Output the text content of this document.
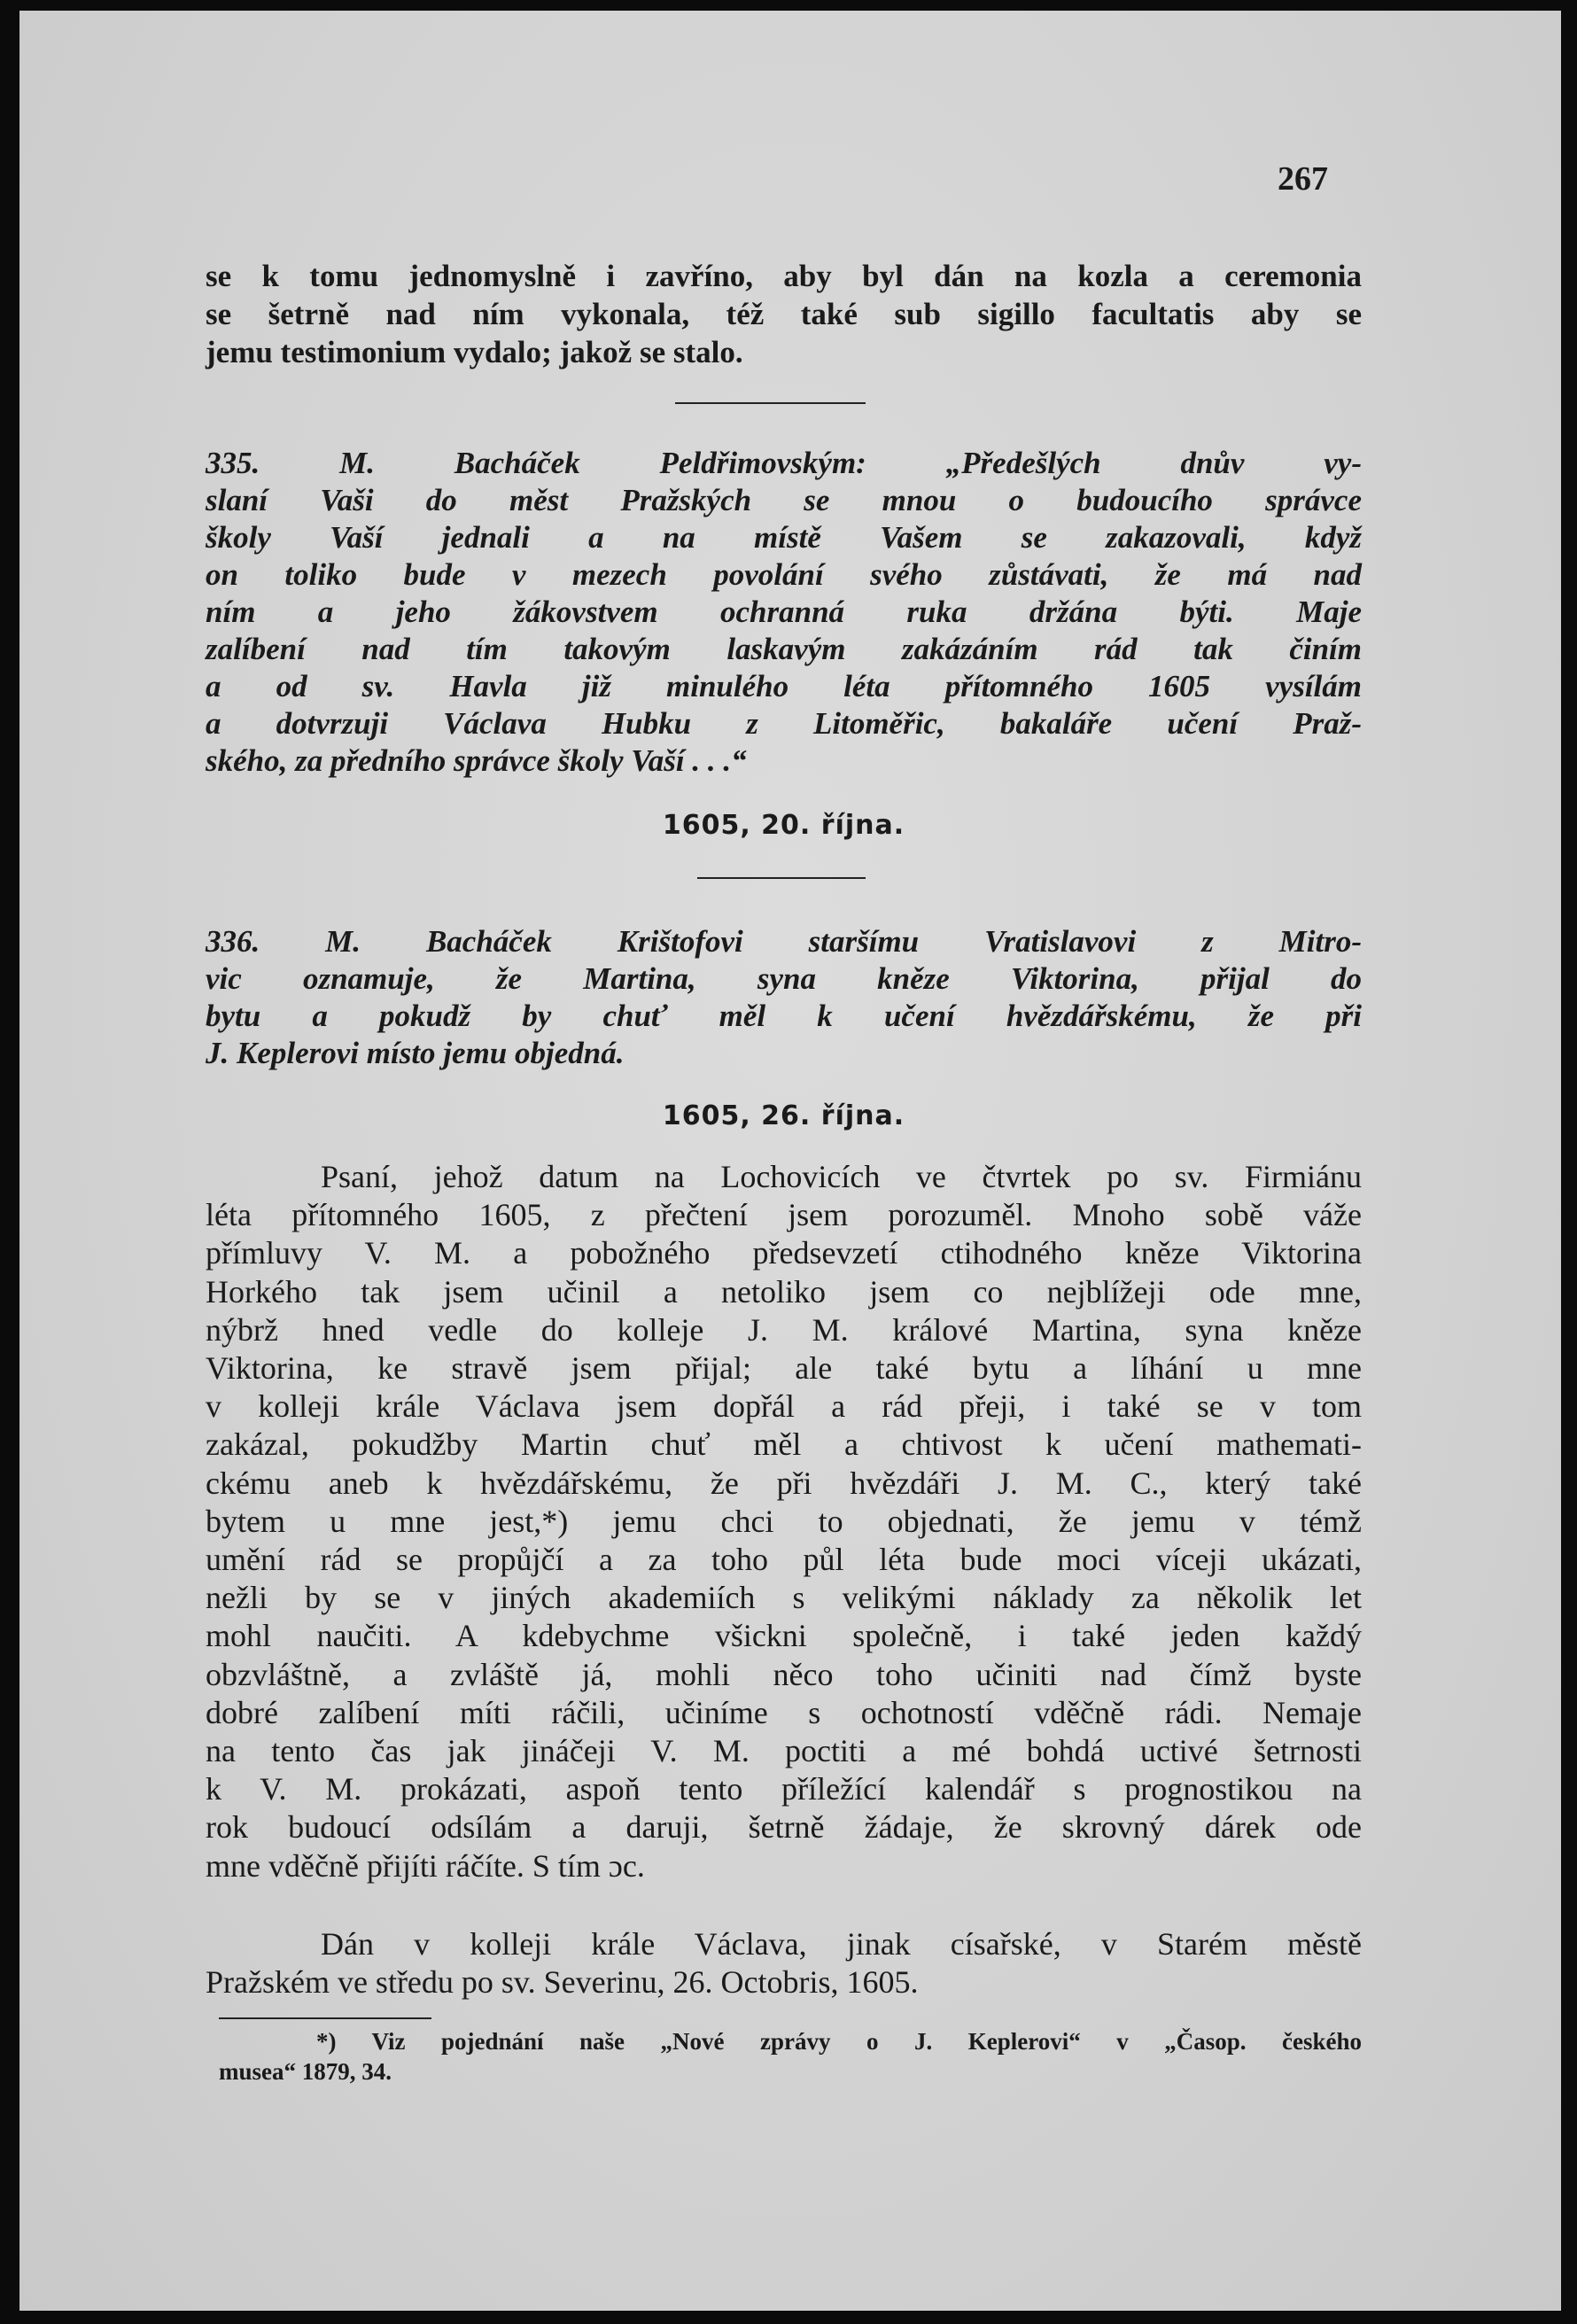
267
se k tomu jednomyslně i zavříno, aby byl dán na kozla a ceremonia
se šetrně nad ním vykonala, též také sub sigillo facultatis aby se
jemu testimonium vydalo; jakož se stalo.
335. M. Bacháček Peldřimovským: „Předešlých dnův vy-
slaní Vaši do měst Pražských se mnou o budoucího správce
školy Vaší jednali a na místě Vašem se zakazovali, když
on toliko bude v mezech povolání svého zůstávati, že má nad
ním a jeho žákovstvem ochranná ruka držána býti. Maje
zalíbení nad tím takovým laskavým zakázáním rád tak činím
a od sv. Havla již minulého léta přítomného 1605 vysílám
a dotvrzuji Václava Hubku z Litoměřic, bakaláře učení Praž-
ského, za předního správce školy Vaší . . .“
1605, 20. října.
336. M. Bacháček Krištofovi staršímu Vratislavovi z Mitro-
vic oznamuje, že Martina, syna kněze Viktorina, přijal do
bytu a pokudž by chuť měl k učení hvězdářskému, že při
J. Keplerovi místo jemu objedná.
1605, 26. října.
Psaní, jehož datum na Lochovicích ve čtvrtek po sv. Firmiánu
léta přítomného 1605, z přečtení jsem porozuměl. Mnoho sobě váže
přímluvy V. M. a pobožného předsevzetí ctihodného kněze Viktorina
Horkého tak jsem učinil a netoliko jsem co nejblížeji ode mne,
nýbrž hned vedle do kolleje J. M. králové Martina, syna kněze
Viktorina, ke stravě jsem přijal; ale také bytu a líhání u mne
v kolleji krále Václava jsem dopřál a rád přeji, i také se v tom
zakázal, pokudžby Martin chuť měl a chtivost k učení mathemati-
ckému aneb k hvězdářskému, že při hvězdáři J. M. C., který také
bytem u mne jest,*) jemu chci to objednati, že jemu v témž
umění rád se propůjčí a za toho půl léta bude moci víceji ukázati,
nežli by se v jiných akademiích s velikými náklady za několik let
mohl naučiti. A kdebychme všickni společně, i také jeden každý
obzvláštně, a zvláště já, mohli něco toho učiniti nad čímž byste
dobré zalíbení míti ráčili, učiníme s ochotností vděčně rádi. Nemaje
na tento čas jak jináčeji V. M. poctiti a mé bohdá uctivé šetrnosti
k V. M. prokázati, aspoň tento příležící kalendář s prognostikou na
rok budoucí odsílám a daruji, šetrně žádaje, že skrovný dárek ode
mne vděčně přijíti ráčíte. S tím ɔc.
Dán v kolleji krále Václava, jinak císařské, v Starém městě
Pražském ve středu po sv. Severinu, 26. Octobris, 1605.
*) Viz pojednání naše „Nové zprávy o J. Keplerovi“ v „Časop. českého
musea“ 1879, 34.
